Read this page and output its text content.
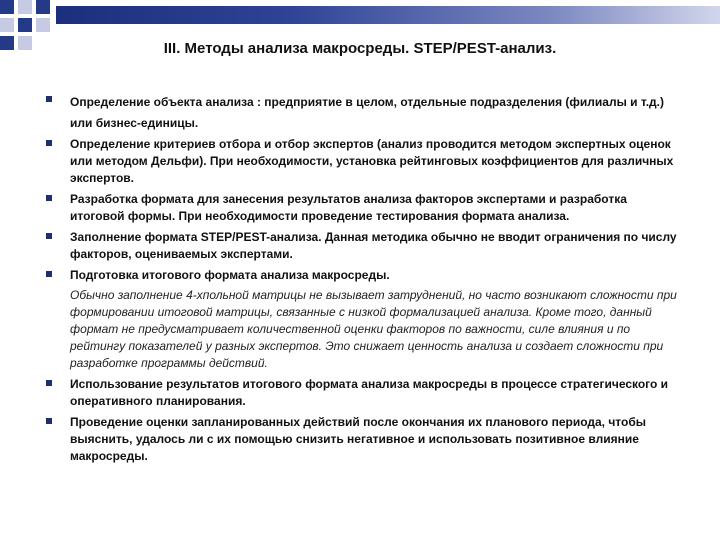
III. Методы анализа макросреды. STEP/PEST-анализ.
Определение объекта анализа : предприятие в целом, отдельные подразделения (филиалы и т.д.) или бизнес-единицы.
Определение критериев отбора и отбор экспертов (анализ проводится методом экспертных оценок или методом Дельфи). При необходимости, установка рейтинговых коэффициентов для различных экспертов.
Разработка формата для занесения результатов анализа факторов экспертами и разработка итоговой формы. При необходимости проведение тестирования формата анализа.
Заполнение формата STEP/PEST-анализа. Данная методика обычно не вводит ограничения по числу факторов, оцениваемых экспертами.
Подготовка итогового формата анализа макросреды.
Обычно заполнение 4-хпольной матрицы не вызывает затруднений, но часто возникают сложности при формировании итоговой матрицы, связанные с низкой формализацией анализа. Кроме того, данный формат не предусматривает количественной оценки факторов по важности, силе влияния и по рейтингу показателей у разных экспертов. Это снижает ценность анализа и создает сложности при разработке программы действий.
Использование результатов итогового формата анализа макросреды в процессе стратегического и оперативного планирования.
Проведение оценки запланированных действий после окончания их планового периода, чтобы выяснить, удалось ли с их помощью снизить негативное и использовать позитивное влияние макросреды.
